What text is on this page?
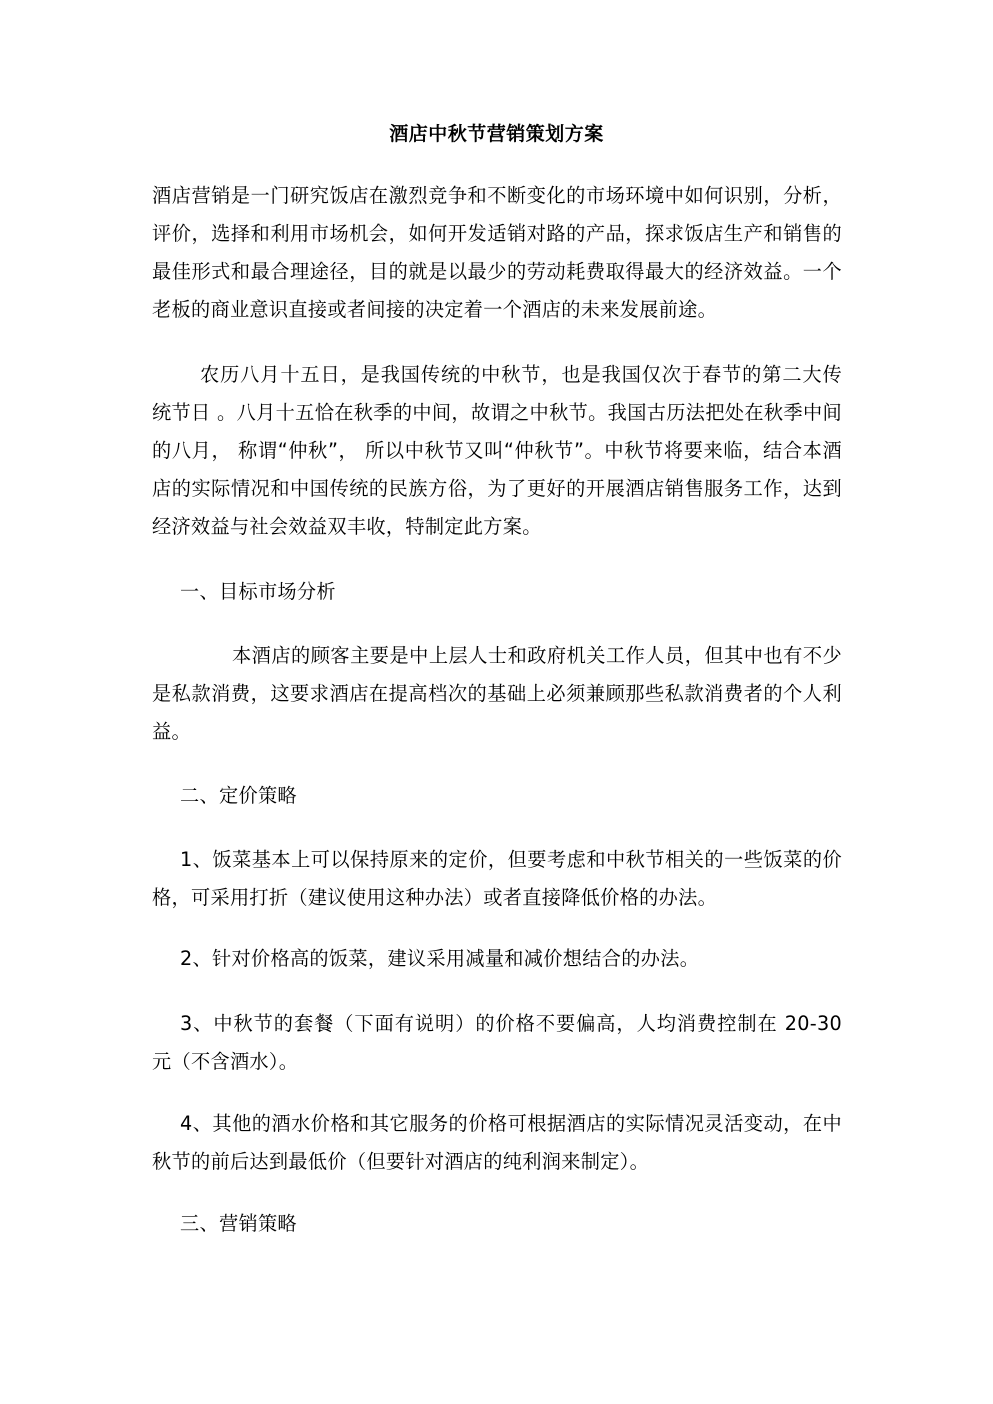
酒店中秋节营销策划方案

酒店营销是一门研究饭店在激烈竞争和不断变化的市场环境中如何识别，分析，评价，选择和利用市场机会，如何开发适销对路的产品，探求饭店生产和销售的最佳形式和最合理途径，目的就是以最少的劳动耗费取得最大的经济效益。一个老板的商业意识直接或者间接的决定着一个酒店的未来发展前途。

农历八月十五日，是我国传统的中秋节，也是我国仅次于春节的第二大传统节日 。八月十五恰在秋季的中间，故谓之中秋节。我国古历法把处在秋季中间的八月， 称谓“仲秋”， 所以中秋节又叫“仲秋节”。中秋节将要来临，结合本酒店的实际情况和中国传统的民族方俗，为了更好的开展酒店销售服务工作，达到经济效益与社会效益双丰收，特制定此方案。

一、目标市场分析

本酒店的顾客主要是中上层人士和政府机关工作人员，但其中也有不少是私款消费，这要求酒店在提高档次的基础上必须兼顾那些私款消费者的个人利益。

二、定价策略

1、饭菜基本上可以保持原来的定价，但要考虑和中秋节相关的一些饭菜的价格，可采用打折（建议使用这种办法）或者直接降低价格的办法。

2、针对价格高的饭菜，建议采用减量和减价想结合的办法。

3、中秋节的套餐（下面有说明）的价格不要偏高，人均消费控制在 20-30 元（不含酒水）。

4、其他的酒水价格和其它服务的价格可根据酒店的实际情况灵活变动，在中秋节的前后达到最低价（但要针对酒店的纯利润来制定）。

三、营销策略
